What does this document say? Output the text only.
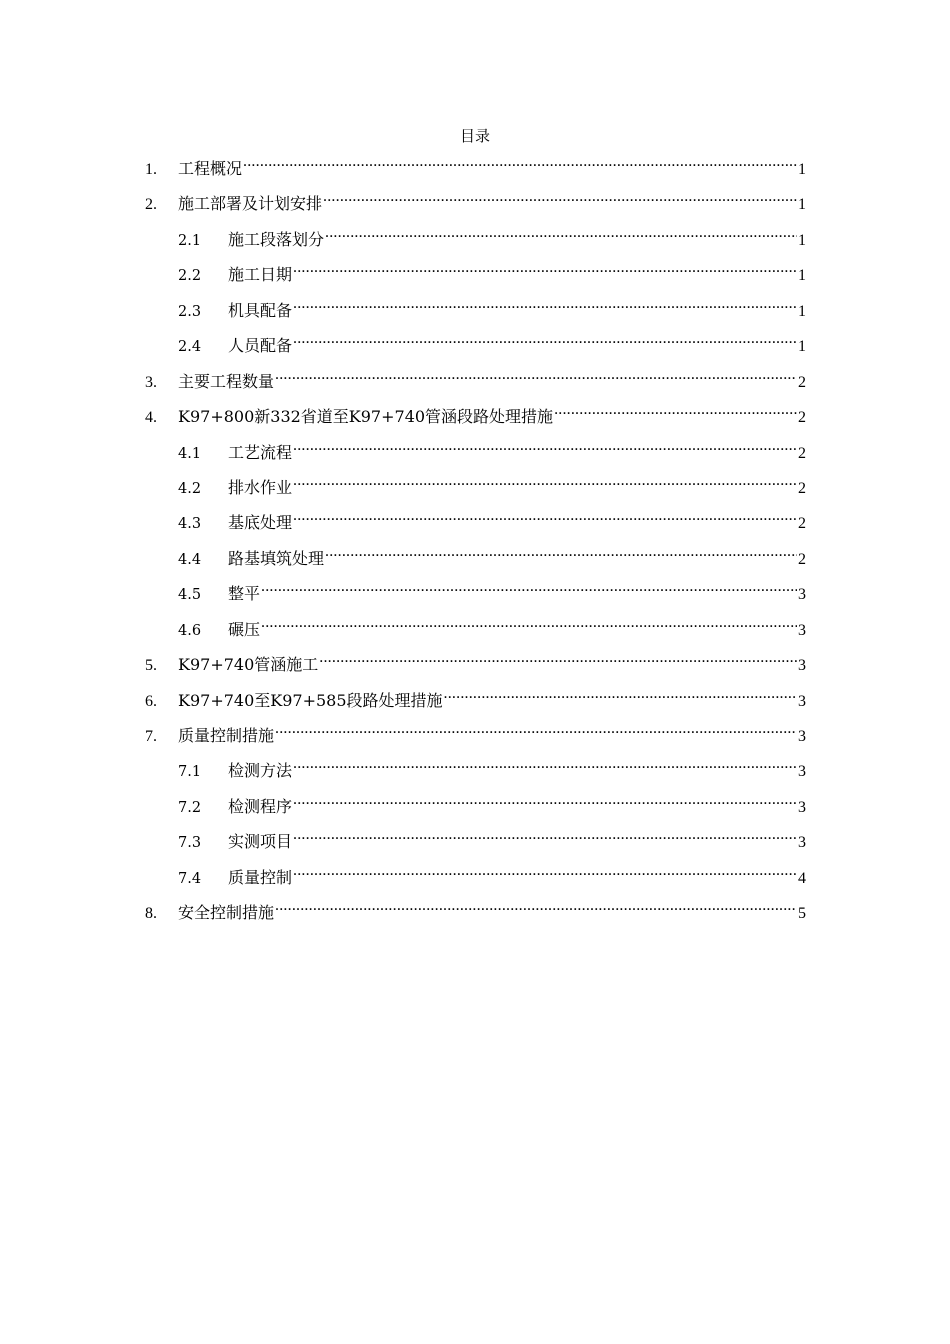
目录
1.	工程概况 .....	1
2.	施工部署及计划安排 .....	1
2.1	施工段落划分 .....	1
2.2	施工日期 .....	1
2.3	机具配备 .....	1
2.4	人员配备 .....	1
3.	主要工程数量 .....	2
4.	K97+800新332省道至K97+740管涵段路处理措施 .....	2
4.1	工艺流程 .....	2
4.2	排水作业 .....	2
4.3	基底处理 .....	2
4.4	路基填筑处理 .....	2
4.5	整平 .....	3
4.6	碾压 .....	3
5.	K97+740管涵施工 .....	3
6.	K97+740至K97+585段路处理措施 .....	3
7.	质量控制措施 .....	3
7.1	检测方法 .....	3
7.2	检测程序 .....	3
7.3	实测项目 .....	3
7.4	质量控制 .....	4
8.	安全控制措施 .....	5
